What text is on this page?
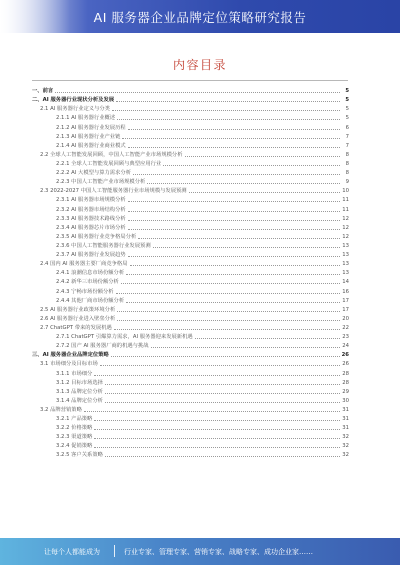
AI 服务器企业品牌定位策略研究报告
内容目录
一、前言	5
二、AI 服务器行业现状分析及发展	5
2.1 AI 服务器行业定义与分类	5
2.1.1 AI 服务器行业概述	5
2.1.2 AI 服务器行业发展历程	6
2.1.3 AI 服务器行业产业链	7
2.1.4 AI 服务器行业商业模式	7
2.2 全球人工智能发展回顾，中国人工智能产业市场规模分析	8
2.2.1 全球人工智能发展回顾与典型应用行业	8
2.2.2 AI 大模型与算力需求分析	8
2.2.3 中国人工智能产业市场规模分析	9
2.3 2022-2027 中国人工智能服务器行业市场规模与发展预测	10
2.3.1 AI 服务器市场规模分析	11
2.3.2 AI 服务器市场结构分析	11
2.3.3 AI 服务器技术路线分析	12
2.3.4 AI 服务器芯片市场分析	12
2.3.5 AI 服务器行业竞争格局分析	12
2.3.6 中国人工智能服务器行业发展预测	13
2.3.7 AI 服务器行业发展趋势	13
2.4 国内 AI 服务器主要厂商竞争格局	13
2.4.1 浪潮信息市场份额分析	13
2.4.2 新华三市场份额分析	14
2.4.3 宁畅市场份额分析	16
2.4.4 其他厂商市场份额分析	17
2.5 AI 服务器行业政策环境分析	17
2.6 AI 服务器行业进入壁垒分析	20
2.7 ChatGPT 带来的发展机遇	22
2.7.1 ChatGPT 引爆算力需求，AI 服务器迎来发展新机遇	23
2.7.2 国产 AI 服务器厂商的机遇与挑战	24
三、AI 服务器企业品牌定位策略	26
3.1 市场细分及目标市场	26
3.1.1 市场细分	28
3.1.2 目标市场选择	28
3.1.3 品牌定位分析	29
3.1.4 品牌定位分析	30
3.2 品牌营销策略	31
3.2.1 产品策略	31
3.2.2 价格策略	31
3.2.3 渠道策略	32
3.2.4 促销策略	32
3.2.5 客户关系策略	32
让每个人都能成为	行业专家、管理专家、营销专家、战略专家、成功企业家……
